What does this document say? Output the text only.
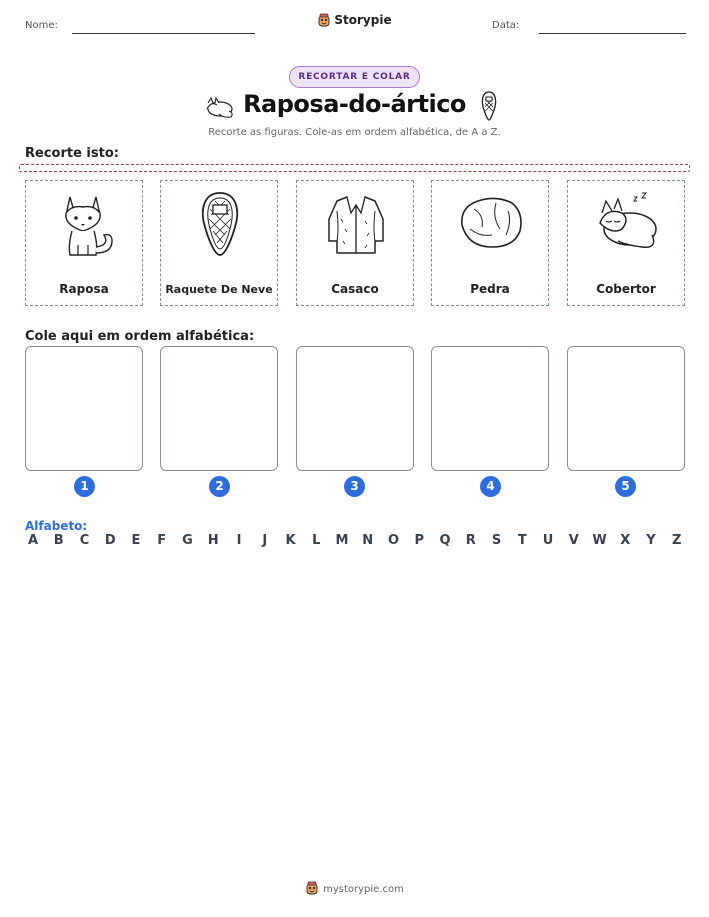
Nome:	Storypie	Data:
RECORTAR E COLAR
Raposa-do-ártico
Recorte as figuras. Cole-as em ordem alfabética, de A a Z.
Recorte isto:
Raposa	Raquete De Neve	Casaco	Pedra	Cobertor
Cole aqui em ordem alfabética:
1	2	3	4	5
Alfabeto:
A B C D E F G H	I	J	K L M N O P Q R S T U V W X Y Z
mystorypie.com
